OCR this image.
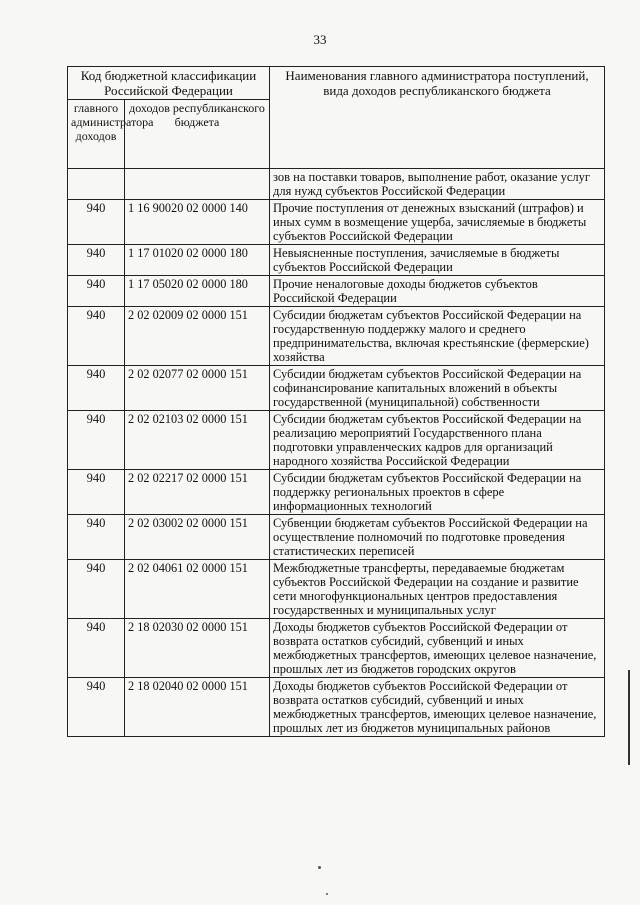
33
Код бюджетной классификации Российской Федерации		Наименования главного администратора поступлений, вида доходов республиканского бюджета
главного администратора доходов	доходов республиканского бюджета	
		зов на поставки товаров, выполнение работ, оказание услуг для нужд субъектов Российской Федерации
940	1 16 90020 02 0000 140	Прочие поступления от денежных взысканий (штрафов) и иных сумм в возмещение ущерба, зачисляемые в бюджеты субъектов Российской Федерации
940	1 17 01020 02 0000 180	Невыясненные поступления, зачисляемые в бюджеты субъектов Российской Федерации
940	1 17 05020 02 0000 180	Прочие неналоговые доходы бюджетов субъектов Российской Федерации
940	2 02 02009 02 0000 151	Субсидии бюджетам субъектов Российской Федерации на государственную поддержку малого и среднего предпринимательства, включая крестьянские (фермерские) хозяйства
940	2 02 02077 02 0000 151	Субсидии бюджетам субъектов Российской Федерации на софинансирование капитальных вложений в объекты государственной (муниципальной) собственности
940	2 02 02103 02 0000 151	Субсидии бюджетам субъектов Российской Федерации на реализацию мероприятий Государственного плана подготовки управленческих кадров для организаций народного хозяйства Российской Федерации
940	2 02 02217 02 0000 151	Субсидии бюджетам субъектов Российской Федерации на поддержку региональных проектов в сфере информационных технологий
940	2 02 03002 02 0000 151	Субвенции бюджетам субъектов Российской Федерации на осуществление полномочий по подготовке проведения статистических переписей
940	2 02 04061 02 0000 151	Межбюджетные трансферты, передаваемые бюджетам субъектов Российской Федерации на создание и развитие сети многофункциональных центров предоставления государственных и муниципальных услуг
940	2 18 02030 02 0000 151	Доходы бюджетов субъектов Российской Федерации от возврата остатков субсидий, субвенций и иных межбюджетных трансфертов, имеющих целевое назначение, прошлых лет из бюджетов городских округов
940	2 18 02040 02 0000 151	Доходы бюджетов субъектов Российской Федерации от возврата остатков субсидий, субвенций и иных межбюджетных трансфертов, имеющих целевое назначение, прошлых лет из бюджетов муниципальных районов
